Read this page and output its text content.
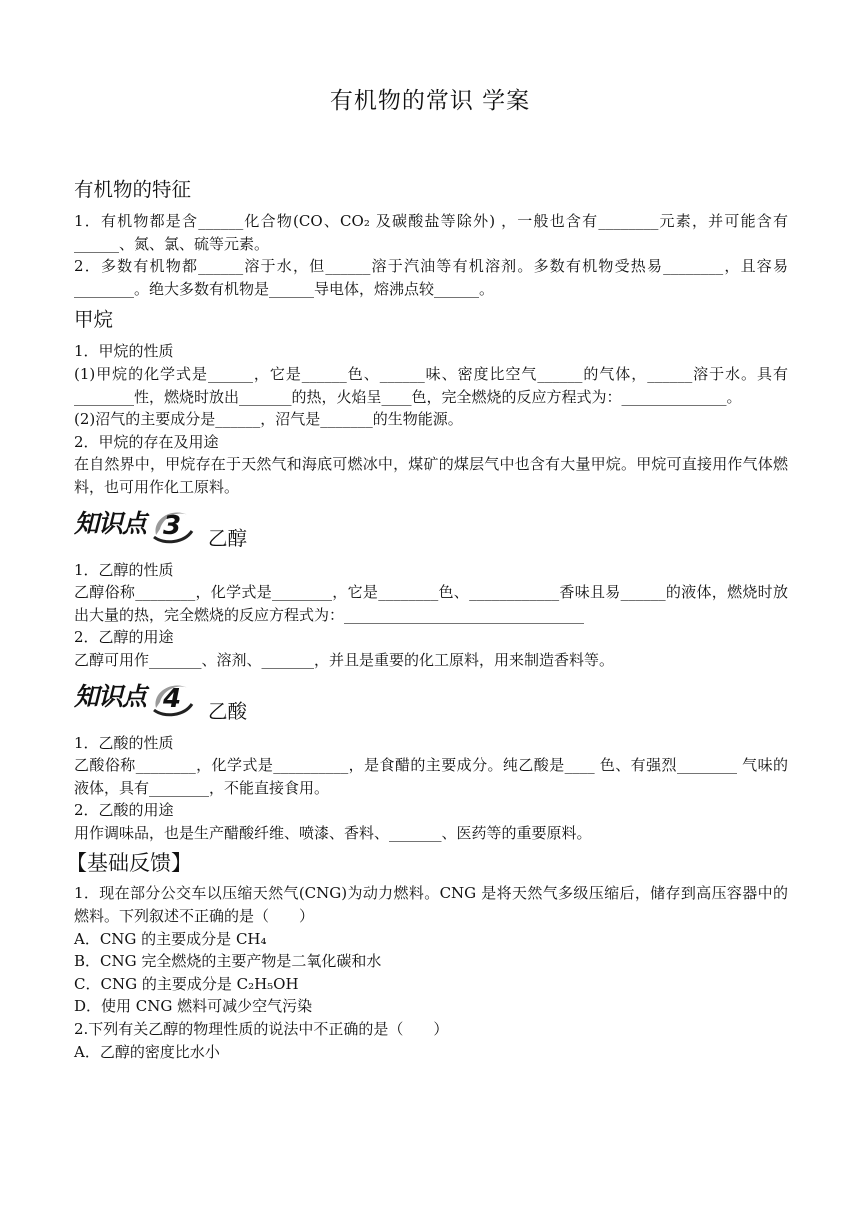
有机物的常识 学案
有机物的特征

1．有机物都是含______化合物(CO、CO₂ 及碳酸盐等除外) ，一般也含有________元素，并可能含有______、氮、氯、硫等元素。

2．多数有机物都______溶于水，但______溶于汽油等有机溶剂。多数有机物受热易________，且容易________。绝大多数有机物是______导电体，熔沸点较______。

甲烷

1．甲烷的性质

(1)甲烷的化学式是______，它是______色、______味、密度比空气______的气体，______溶于水。具有________性，燃烧时放出_______的热，火焰呈____色，完全燃烧的反应方程式为：______________。

(2)沼气的主要成分是______，沼气是_______的生物能源。

2．甲烷的存在及用途

在自然界中，甲烷存在于天然气和海底可燃冰中，煤矿的煤层气中也含有大量甲烷。甲烷可直接用作气体燃料，也可用作化工原料。

知识点 3 乙醇

1．乙醇的性质

乙醇俗称________，化学式是________，它是________色、____________香味且易______的液体，燃烧时放出大量的热，完全燃烧的反应方程式为：________________________________

2．乙醇的用途

乙醇可用作_______、溶剂、_______，并且是重要的化工原料，用来制造香料等。

知识点 4 乙酸

1．乙酸的性质

乙酸俗称________，化学式是__________，是食醋的主要成分。纯乙酸是____ 色、有强烈________ 气味的液体，具有________，不能直接食用。

2．乙酸的用途

用作调味品，也是生产醋酸纤维、喷漆、香料、_______、医药等的重要原料。

【基础反馈】

1．现在部分公交车以压缩天然气(CNG)为动力燃料。CNG 是将天然气多级压缩后，储存到高压容器中的燃料。下列叙述不正确的是（　　）

A．CNG 的主要成分是 CH₄

B．CNG 完全燃烧的主要产物是二氧化碳和水

C．CNG 的主要成分是 C₂H₅OH

D．使用 CNG 燃料可减少空气污染

2.下列有关乙醇的物理性质的说法中不正确的是（　　）

A．乙醇的密度比水小
